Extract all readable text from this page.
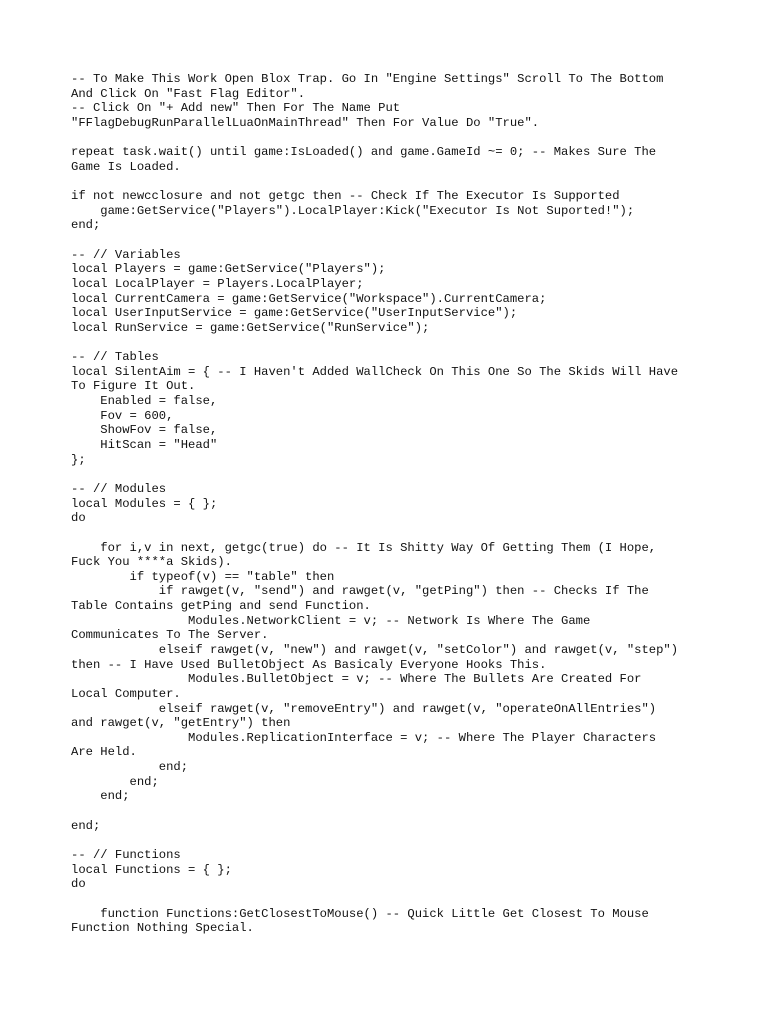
-- To Make This Work Open Blox Trap. Go In "Engine Settings" Scroll To The Bottom
And Click On "Fast Flag Editor".
-- Click On "+ Add new" Then For The Name Put
"FFlagDebugRunParallelLuaOnMainThread" Then For Value Do "True".
repeat task.wait() until game:IsLoaded() and game.GameId ~= 0; -- Makes Sure The
Game Is Loaded.
if not newcclosure and not getgc then -- Check If The Executor Is Supported
game:GetService("Players").LocalPlayer:Kick("Executor Is Not Suported!");
end;
-- // Variables
local Players = game:GetService("Players");
local LocalPlayer = Players.LocalPlayer;
local CurrentCamera = game:GetService("Workspace").CurrentCamera;
local UserInputService = game:GetService("UserInputService");
local RunService = game:GetService("RunService");
-- // Tables
local SilentAim = { -- I Haven't Added WallCheck On This One So The Skids Will Have
To Figure It Out.
Enabled = false,
Fov = 600,
ShowFov = false,
HitScan = "Head"
};
-- // Modules
local Modules = { };
do
for i,v in next, getgc(true) do -- It Is Shitty Way Of Getting Them (I Hope,
Fuck You ****a Skids).
if typeof(v) == "table" then
if rawget(v, "send") and rawget(v, "getPing") then -- Checks If The
Table Contains getPing and send Function.
Modules.NetworkClient = v; -- Network Is Where The Game
Communicates To The Server.
elseif rawget(v, "new") and rawget(v, "setColor") and rawget(v, "step")
then -- I Have Used BulletObject As Basicaly Everyone Hooks This.
Modules.BulletObject = v; -- Where The Bullets Are Created For
Local Computer.
elseif rawget(v, "removeEntry") and rawget(v, "operateOnAllEntries")
and rawget(v, "getEntry") then
Modules.ReplicationInterface = v; -- Where The Player Characters
Are Held.
end;
end;
end;
end;
-- // Functions
local Functions = { };
do
function Functions:GetClosestToMouse() -- Quick Little Get Closest To Mouse
Function Nothing Special.
